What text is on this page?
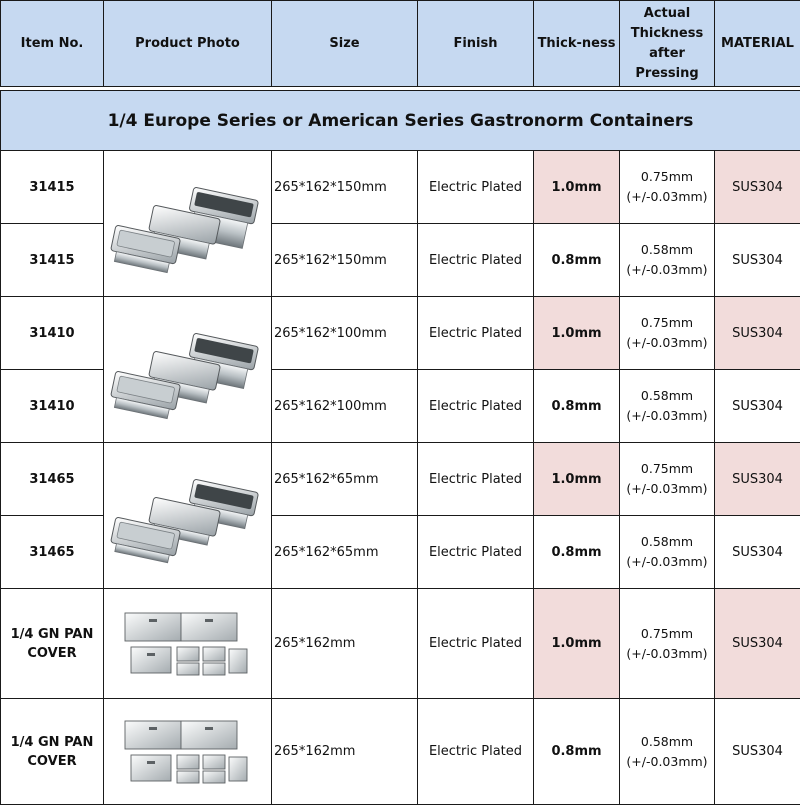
Item No.	Product Photo	Size	Finish	Thick-ness	Actual Thickness after Pressing	MATERIAL

1/4 Europe Series or American Series Gastronorm Containers						
31415		265*162*150mm	Electric Plated	1.0mm	0.75mm (+/-0.03mm)	SUS304
31415		265*162*150mm	Electric Plated	0.8mm	0.58mm (+/-0.03mm)	SUS304
31410		265*162*100mm	Electric Plated	1.0mm	0.75mm (+/-0.03mm)	SUS304
31410		265*162*100mm	Electric Plated	0.8mm	0.58mm (+/-0.03mm)	SUS304
31465		265*162*65mm	Electric Plated	1.0mm	0.75mm (+/-0.03mm)	SUS304
31465		265*162*65mm	Electric Plated	0.8mm	0.58mm (+/-0.03mm)	SUS304
1/4 GN PAN COVER		265*162mm	Electric Plated	1.0mm	0.75mm (+/-0.03mm)	SUS304
1/4 GN PAN COVER		265*162mm	Electric Plated	0.8mm	0.58mm (+/-0.03mm)	SUS304
